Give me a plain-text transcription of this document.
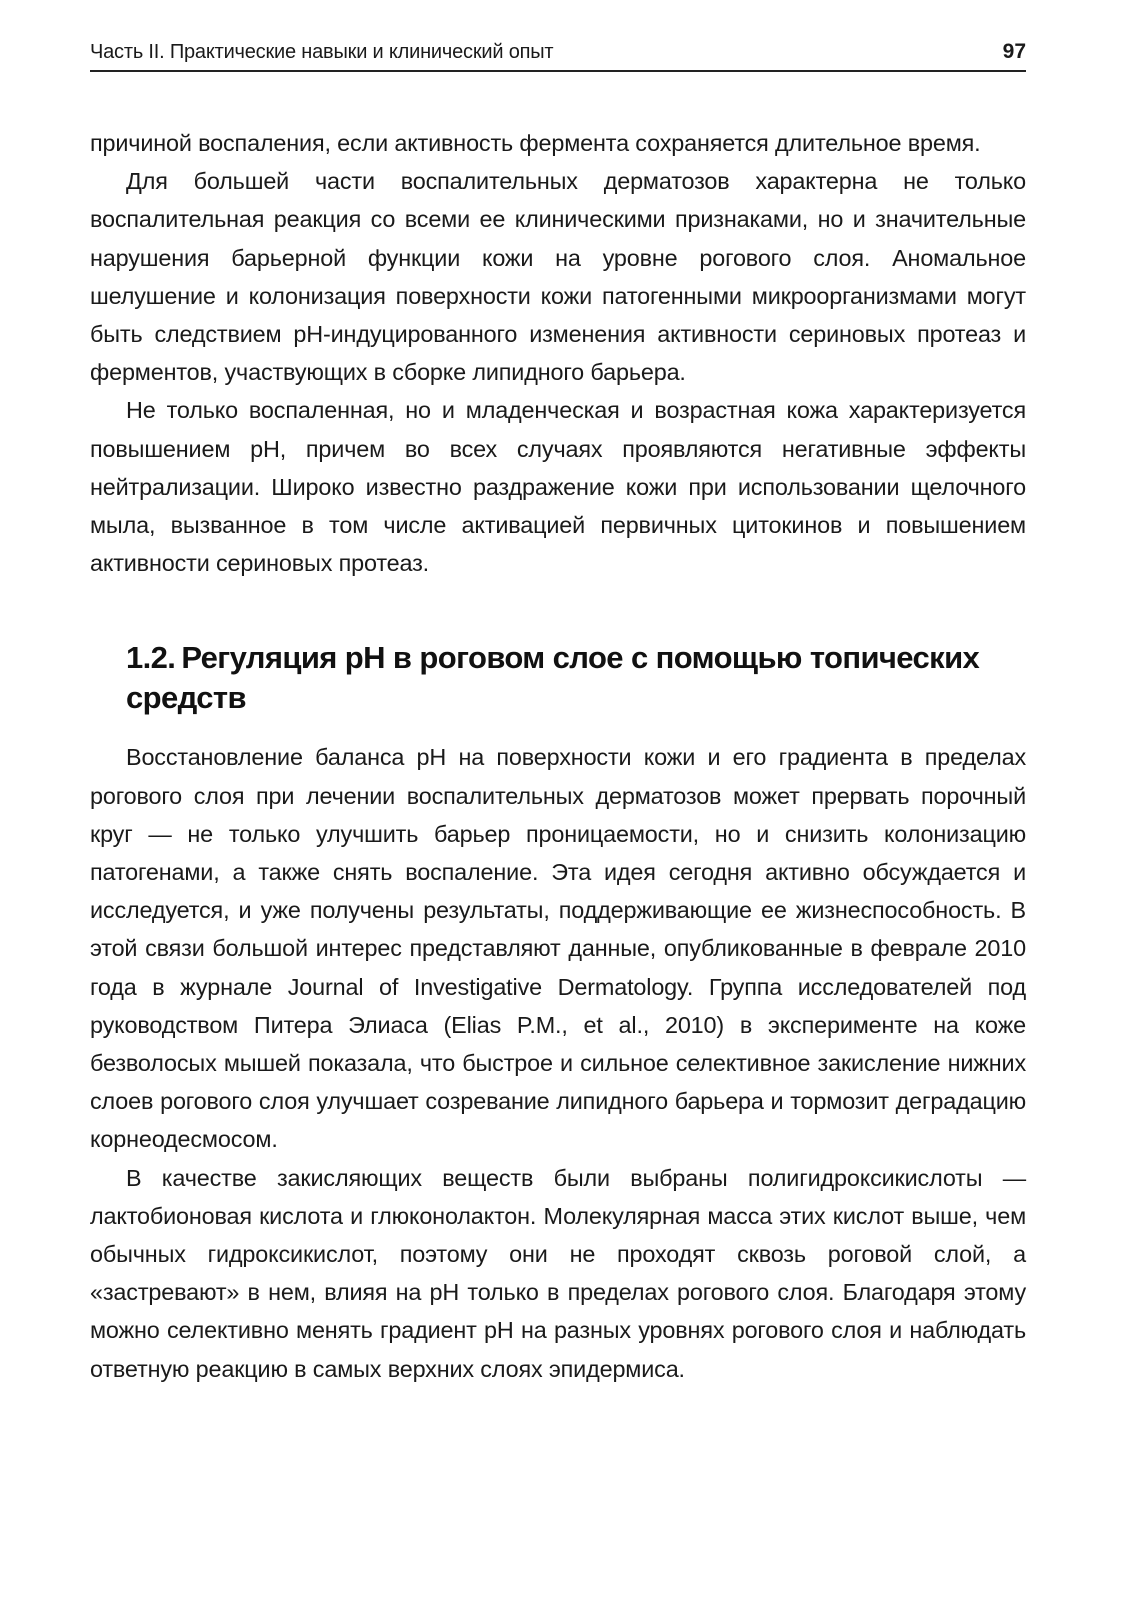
Часть II. Практические навыки и клинический опыт	97

причиной воспаления, если активность фермента сохраняется длительное время.

Для большей части воспалительных дерматозов характерна не только воспалительная реакция со всеми ее клиническими признаками, но и значительные нарушения барьерной функции кожи на уровне рогового слоя. Аномальное шелушение и колонизация поверхности кожи патогенными микроорганизмами могут быть следствием pH-индуцированного изменения активности сериновых протеаз и ферментов, участвующих в сборке липидного барьера.

Не только воспаленная, но и младенческая и возрастная кожа характеризуется повышением pH, причем во всех случаях проявляются негативные эффекты нейтрализации. Широко известно раздражение кожи при использовании щелочного мыла, вызванное в том числе активацией первичных цитокинов и повышением активности сериновых протеаз.

1.2. Регуляция pH в роговом слое с помощью топических средств

Восстановление баланса pH на поверхности кожи и его градиента в пределах рогового слоя при лечении воспалительных дерматозов может прервать порочный круг — не только улучшить барьер проницаемости, но и снизить колонизацию патогенами, а также снять воспаление. Эта идея сегодня активно обсуждается и исследуется, и уже получены результаты, поддерживающие ее жизнеспособность. В этой связи большой интерес представляют данные, опубликованные в феврале 2010 года в журнале Journal of Investigative Dermatology. Группа исследователей под руководством Питера Элиаса (Elias P.M., et al., 2010) в эксперименте на коже безволосых мышей показала, что быстрое и сильное селективное закисление нижних слоев рогового слоя улучшает созревание липидного барьера и тормозит деградацию корнеодесмосом.

В качестве закисляющих веществ были выбраны полигидроксикислоты — лактобионовая кислота и глюконолактон. Молекулярная масса этих кислот выше, чем обычных гидроксикислот, поэтому они не проходят сквозь роговой слой, а «застревают» в нем, влияя на pH только в пределах рогового слоя. Благодаря этому можно селективно менять градиент pH на разных уровнях рогового слоя и наблюдать ответную реакцию в самых верхних слоях эпидермиса.
